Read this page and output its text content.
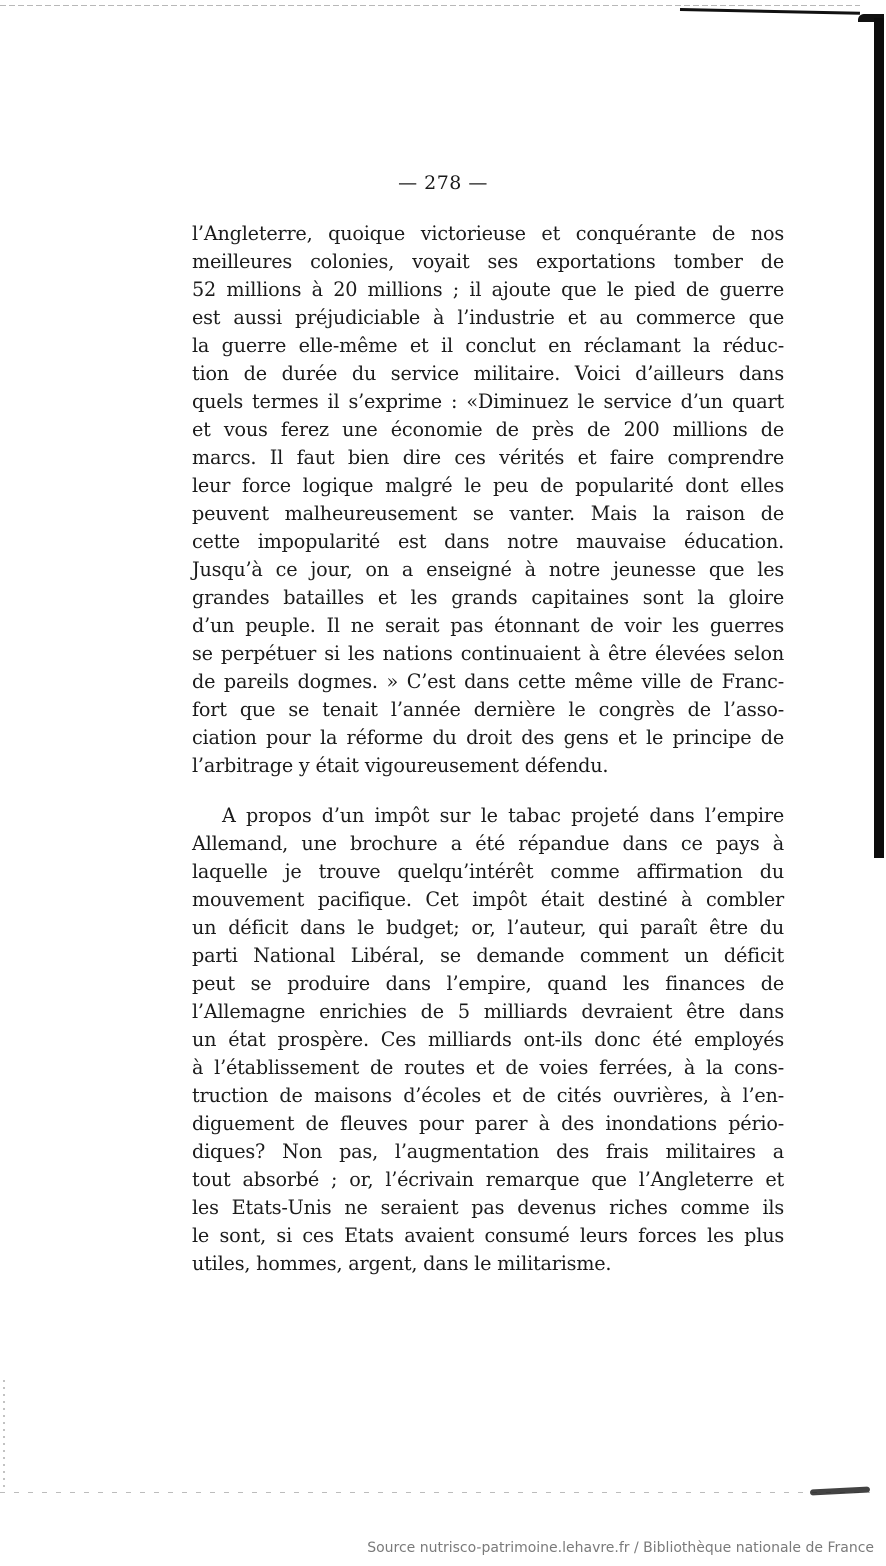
— 278 —
l’Angleterre, quoique victorieuse et conquérante de nos
meilleures colonies, voyait ses exportations tomber de
52 millions à 20 millions ; il ajoute que le pied de guerre
est aussi préjudiciable à l’industrie et au commerce que
la guerre elle-même et il conclut en réclamant la réduc-
tion de durée du service militaire. Voici d’ailleurs dans
quels termes il s’exprime : «Diminuez le service d’un quart
et vous ferez une économie de près de 200 millions de
marcs. Il faut bien dire ces vérités et faire comprendre
leur force logique malgré le peu de popularité dont elles
peuvent malheureusement se vanter. Mais la raison de
cette impopularité est dans notre mauvaise éducation.
Jusqu’à ce jour, on a enseigné à notre jeunesse que les
grandes batailles et les grands capitaines sont la gloire
d’un peuple. Il ne serait pas étonnant de voir les guerres
se perpétuer si les nations continuaient à être élevées selon
de pareils dogmes. » C’est dans cette même ville de Franc-
fort que se tenait l’année dernière le congrès de l’asso-
ciation pour la réforme du droit des gens et le principe de
l’arbitrage y était vigoureusement défendu.
A propos d’un impôt sur le tabac projeté dans l’empire
Allemand, une brochure a été répandue dans ce pays à
laquelle je trouve quelqu’intérêt comme affirmation du
mouvement pacifique. Cet impôt était destiné à combler
un déficit dans le budget; or, l’auteur, qui paraît être du
parti National Libéral, se demande comment un déficit
peut se produire dans l’empire, quand les finances de
l’Allemagne enrichies de 5 milliards devraient être dans
un état prospère. Ces milliards ont-ils donc été employés
à l’établissement de routes et de voies ferrées, à la cons-
truction de maisons d’écoles et de cités ouvrières, à l’en-
diguement de fleuves pour parer à des inondations pério-
diques? Non pas, l’augmentation des frais militaires a
tout absorbé ; or, l’écrivain remarque que l’Angleterre et
les Etats-Unis ne seraient pas devenus riches comme ils
le sont, si ces Etats avaient consumé leurs forces les plus
utiles, hommes, argent, dans le militarisme.
Source nutrisco-patrimoine.lehavre.fr / Bibliothèque nationale de France
